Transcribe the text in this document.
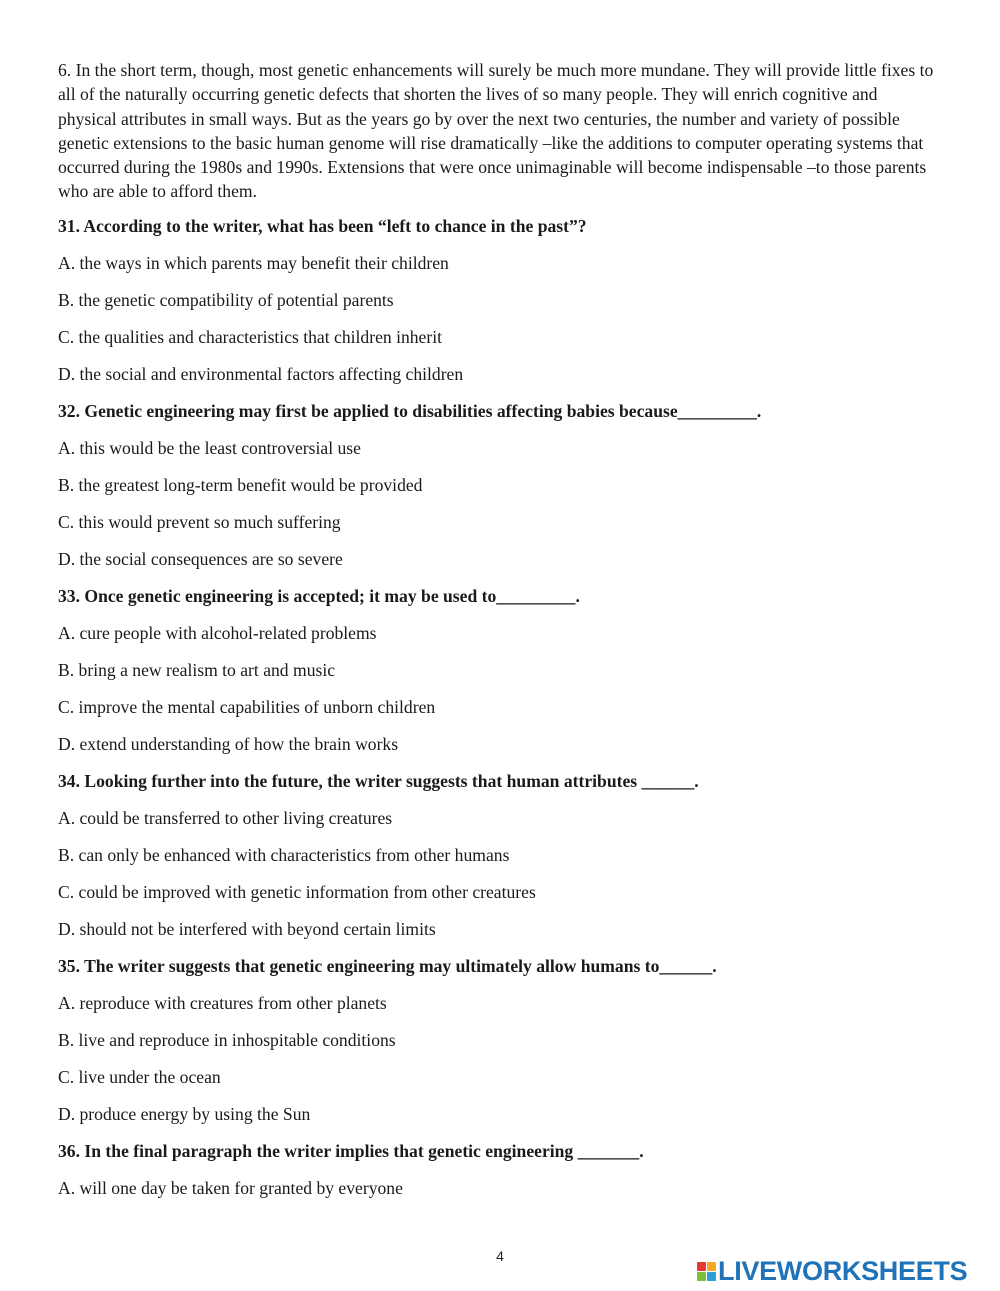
6. In the short term, though, most genetic enhancements will surely be much more mundane. They will provide little fixes to all of the naturally occurring genetic defects that shorten the lives of so many people. They will enrich cognitive and physical attributes in small ways. But as the years go by over the next two centuries, the number and variety of possible genetic extensions to the basic human genome will rise dramatically –like the additions to computer operating systems that occurred during the 1980s and 1990s. Extensions that were once unimaginable will become indispensable –to those parents who are able to afford them.

31. According to the writer, what has been “left to chance in the past”?
A. the ways in which parents may benefit their children
B. the genetic compatibility of potential parents
C. the qualities and characteristics that children inherit
D. the social and environmental factors affecting children
32. Genetic engineering may first be applied to disabilities affecting babies because_________.
A. this would be the least controversial use
B. the greatest long-term benefit would be provided
C. this would prevent so much suffering
D. the social consequences are so severe
33. Once genetic engineering is accepted; it may be used to_________.
A. cure people with alcohol-related problems
B. bring a new realism to art and music
C. improve the mental capabilities of unborn children
D. extend understanding of how the brain works
34. Looking further into the future, the writer suggests that human attributes ______.
A. could be transferred to other living creatures
B. can only be enhanced with characteristics from other humans
C. could be improved with genetic information from other creatures
D. should not be interfered with beyond certain limits
35. The writer suggests that genetic engineering may ultimately allow humans to______.
A. reproduce with creatures from other planets
B. live and reproduce in inhospitable conditions
C. live under the ocean
D. produce energy by using the Sun
36. In the final paragraph the writer implies that genetic engineering _______.
A. will one day be taken for granted by everyone
4	LIVEWORKSHEETS
